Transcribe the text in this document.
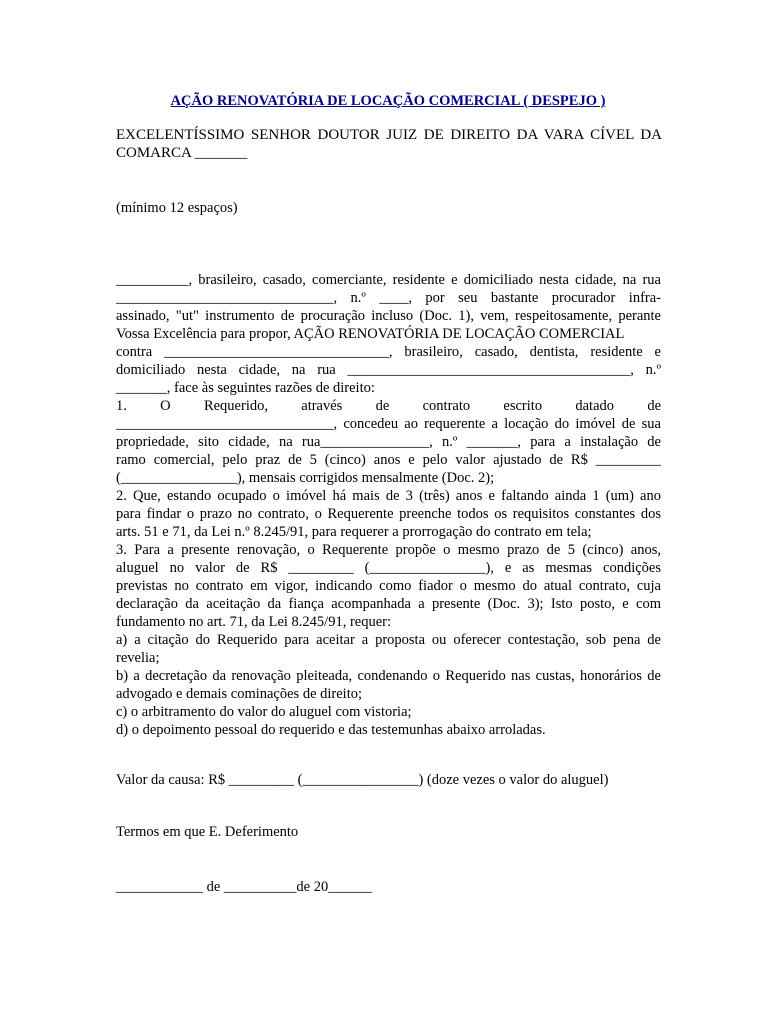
AÇÃO RENOVATÓRIA DE LOCAÇÃO COMERCIAL ( DESPEJO )
EXCELENTÍSSIMO SENHOR DOUTOR JUIZ DE DIREITO DA VARA CÍVEL DA
COMARCA _______
(mínimo 12 espaços)
__________, brasileiro, casado, comerciante, residente e domiciliado nesta cidade, na rua
______________________________, n.º ____, por seu bastante procurador infra-
assinado, "ut" instrumento de procuração incluso (Doc. 1), vem, respeitosamente, perante
Vossa Excelência para propor, AÇÃO RENOVATÓRIA DE LOCAÇÃO COMERCIAL
contra _______________________________, brasileiro, casado, dentista, residente e
domiciliado nesta cidade, na rua _______________________________________, n.º
_______, face às seguintes razões de direito:
1. O Requerido, através de contrato escrito datado de
______________________________, concedeu ao requerente a locação do imóvel de sua
propriedade, sito cidade, na rua_______________, n.º _______, para a instalação de
ramo comercial, pelo praz de 5 (cinco) anos e pelo valor ajustado de R$ _________
(________________), mensais corrigidos mensalmente (Doc. 2);
2. Que, estando ocupado o imóvel há mais de 3 (três) anos e faltando ainda 1 (um) ano
para findar o prazo no contrato, o Requerente preenche todos os requisitos constantes dos
arts. 51 e 71, da Lei n.º 8.245/91, para requerer a prorrogação do contrato em tela;
3. Para a presente renovação, o Requerente propõe o mesmo prazo de 5 (cinco) anos,
aluguel no valor de R$ _________ (________________), e as mesmas condições
previstas no contrato em vigor, indicando como fiador o mesmo do atual contrato, cuja
declaração da aceitação da fiança acompanhada a presente (Doc. 3); Isto posto, e com
fundamento no art. 71, da Lei 8.245/91, requer:
a) a citação do Requerido para aceitar a proposta ou oferecer contestação, sob pena de
revelia;
b) a decretação da renovação pleiteada, condenando o Requerido nas custas, honorários de
advogado e demais cominações de direito;
c) o arbitramento do valor do aluguel com vistoria;
d) o depoimento pessoal do requerido e das testemunhas abaixo arroladas.
Valor da causa: R$ _________ (________________) (doze vezes o valor do aluguel)
Termos em que E. Deferimento
____________ de __________de 20______
